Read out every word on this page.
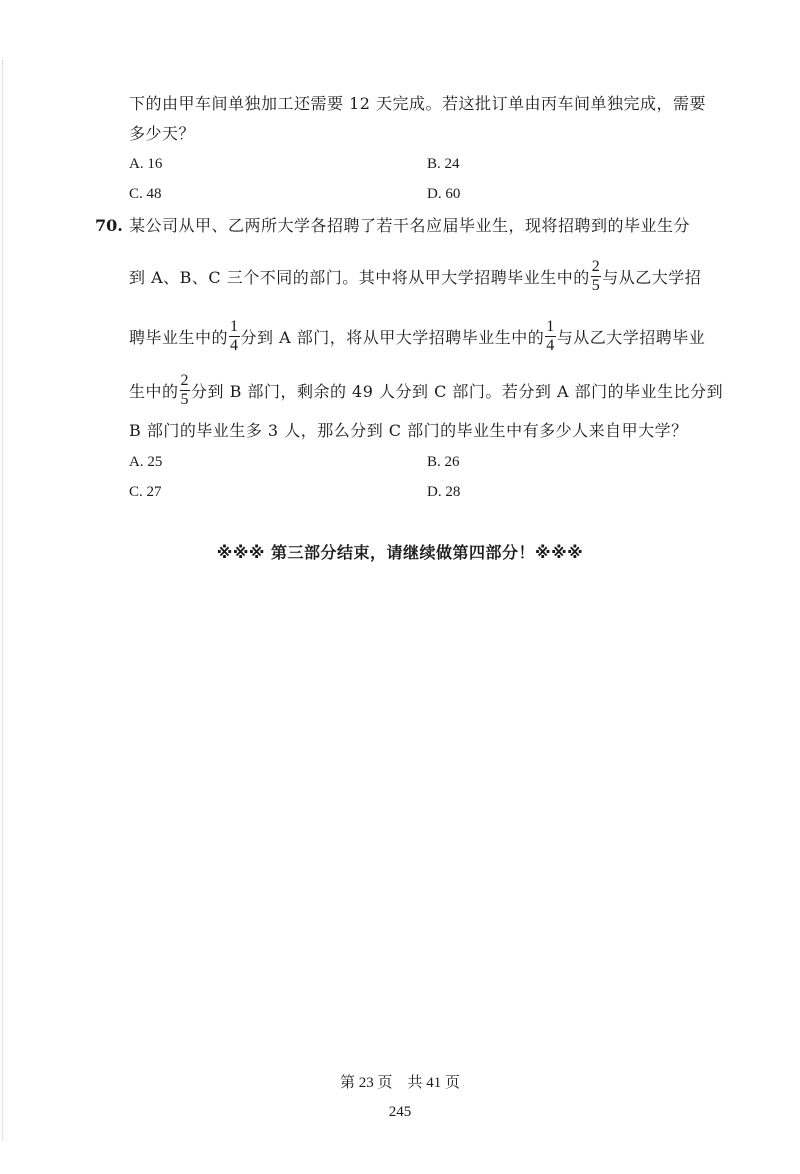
下的由甲车间单独加工还需要 12 天完成。若这批订单由丙车间单独完成，需要
多少天？
A. 16	B. 24
C. 48	D. 60
70. 某公司从甲、乙两所大学各招聘了若干名应届毕业生，现将招聘到的毕业生分
到 A、B、C 三个不同的部门。其中将从甲大学招聘毕业生中的 $\frac{2}{5}$ 与从乙大学招
聘毕业生中的 $\frac{1}{4}$ 分到 A 部门，将从甲大学招聘毕业生中的 $\frac{1}{4}$ 与从乙大学招聘毕业
生中的 $\frac{2}{5}$ 分到 B 部门，剩余的 49 人分到 C 部门。若分到 A 部门的毕业生比分到
B 部门的毕业生多 3 人，那么分到 C 部门的毕业生中有多少人来自甲大学？
A. 25	B. 26
C. 27	D. 28
※※※ 第三部分结束，请继续做第四部分！※※※
第 23 页　共 41 页
245
